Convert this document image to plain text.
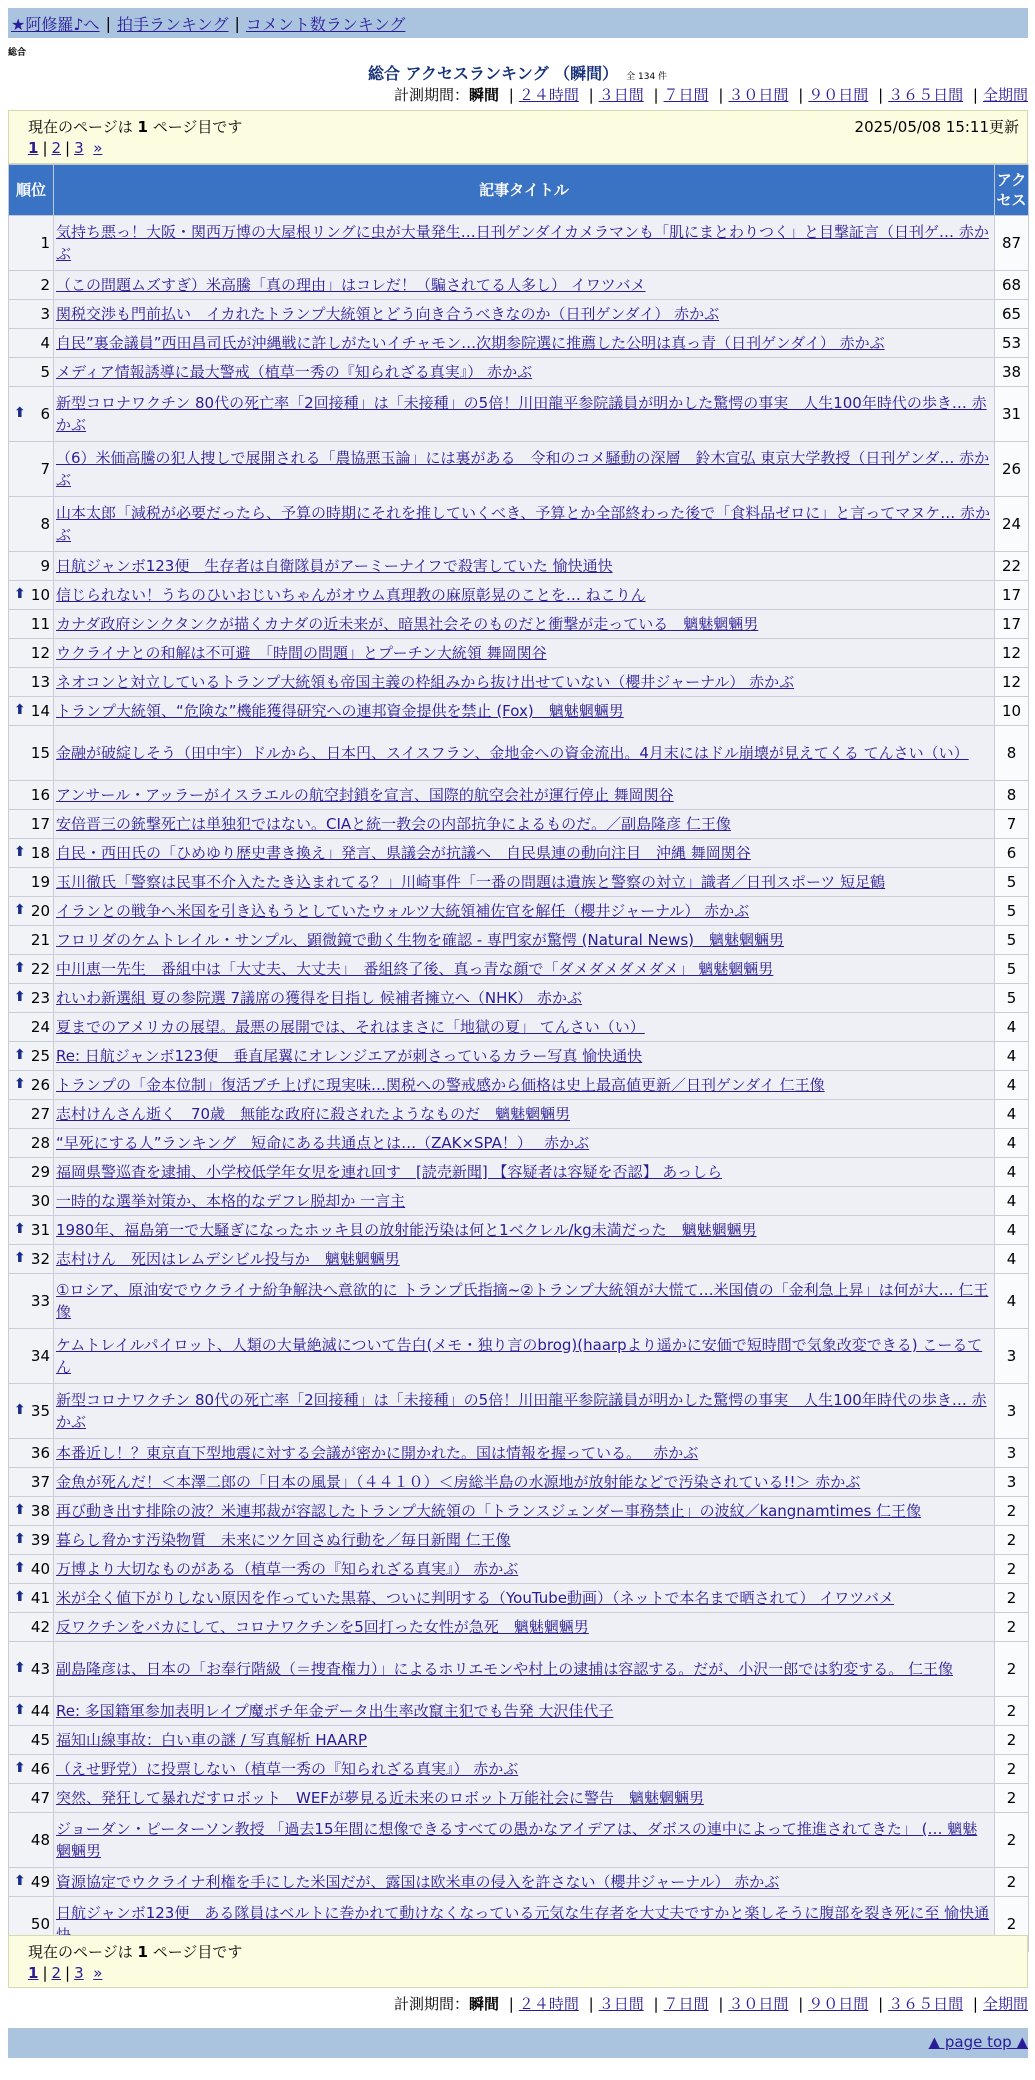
★阿修羅♪へ | 拍手ランキング | コメント数ランキング
総合
総合 アクセスランキング （瞬間） 全 134 件
計測期間：瞬間 | ２４時間 | ３日間 | ７日間 | ３０日間 | ９０日間 | ３６５日間 | 全期間
現在のページは 1 ページ目です	2025/05/08 15:11更新
1 | 2 | 3 »
順位	記事タイトル	アクセス
1	気持ち悪っ！大阪・関西万博の大屋根リングに虫が大量発生…日刊ゲンダイカメラマンも「肌にまとわりつく」と目撃証言（日刊ゲ… 赤かぶ	87
2	（この問題ムズすぎ）米高騰「真の理由」はコレだ！（騙されてる人多し） イワツバメ	68
3	関税交渉も門前払い　イカれたトランプ大統領とどう向き合うべきなのか（日刊ゲンダイ） 赤かぶ	65
4	自民”裏金議員”西田昌司氏が沖縄戦に許しがたいイチャモン…次期参院選に推薦した公明は真っ青（日刊ゲンダイ） 赤かぶ	53
5	メディア情報誘導に最大警戒（植草一秀の『知られざる真実』） 赤かぶ	38

⬆ 6	新型コロナワクチン 80代の死亡率「2回接種」は「未接種」の5倍！川田龍平参院議員が明かした驚愕の事実　人生100年時代の歩き… 赤かぶ	31
7	（6）米価高騰の犯人捜しで展開される「農協悪玉論」には裏がある　令和のコメ騒動の深層　鈴木宣弘 東京大学教授（日刊ゲンダ… 赤かぶ	26
8	山本太郎「減税が必要だったら、予算の時期にそれを推していくべき、予算とか全部終わった後で「食料品ゼロに」と言ってマヌケ… 赤かぶ	24
9	日航ジャンボ123便　生存者は自衛隊員がアーミーナイフで殺害していた 愉快通快	22

⬆ 10	信じられない！うちのひいおじいちゃんがオウム真理教の麻原彰晃のことを… ねこりん	17
11	カナダ政府シンクタンクが描くカナダの近未来が、暗黒社会そのものだと衝撃が走っている　魑魅魍魎男	17
12	ウクライナとの和解は不可避　「時間の問題」とプーチン大統領 舞岡関谷	12
13	ネオコンと対立しているトランプ大統領も帝国主義の枠組みから抜け出せていない（櫻井ジャーナル） 赤かぶ	12

⬆ 14	トランプ大統領、“危険な”機能獲得研究への連邦資金提供を禁止 (Fox)　魑魅魍魎男	10
15	金融が破綻しそう（田中宇）ドルから、日本円、スイスフラン、金地金への資金流出。4月末にはドル崩壊が見えてくる てんさい（い）	8
16	アンサール・アッラーがイスラエルの航空封鎖を宣言、国際的航空会社が運行停止 舞岡関谷	8
17	安倍晋三の銃撃死亡は単独犯ではない。CIAと統一教会の内部抗争によるものだ。／副島隆彦 仁王像	7

⬆ 18	自民・西田氏の「ひめゆり歴史書き換え」発言、県議会が抗議へ　自民県連の動向注目　沖縄 舞岡関谷	6
19	玉川徹氏「警察は民事不介入たたき込まれてる？」川崎事件「一番の問題は遺族と警察の対立」識者／日刊スポーツ 短足鶴	5

⬆ 20	イランとの戦争へ米国を引き込もうとしていたウォルツ大統領補佐官を解任（櫻井ジャーナル） 赤かぶ	5
21	フロリダのケムトレイル・サンプル、顕微鏡で動く生物を確認 - 専門家が驚愕 (Natural News)　魑魅魍魎男	5

⬆ 22	中川恵一先生　番組中は「大丈夫、大丈夫」　番組終了後、真っ青な顔で「ダメダメダメダメ」 魑魅魍魎男	5

⬆ 23	れいわ新選組 夏の参院選 7議席の獲得を目指し 候補者擁立へ（NHK） 赤かぶ	5
24	夏までのアメリカの展望。最悪の展開では、それはまさに「地獄の夏」 てんさい（い）	4

⬆ 25	Re: 日航ジャンボ123便　垂直尾翼にオレンジエアが刺さっているカラー写真 愉快通快	4

⬆ 26	トランプの「金本位制」復活ブチ上げに現実味…関税への警戒感から価格は史上最高値更新／日刊ゲンダイ 仁王像	4
27	志村けんさん逝く　70歳　無能な政府に殺されたようなものだ　魑魅魍魎男	4
28	“早死にする人”ランキング　短命にある共通点とは…（ZAK×SPA！）　 赤かぶ	4
29	福岡県警巡査を逮捕、小学校低学年女児を連れ回す　[読売新聞] 【容疑者は容疑を否認】 あっしら	4
30	一時的な選挙対策か、本格的なデフレ脱却か 一言主	4

⬆ 31	1980年、福島第一で大騒ぎになったホッキ貝の放射能汚染は何と1ベクレル/kg未満だった　魑魅魍魎男	4

⬆ 32	志村けん　死因はレムデシビル投与か　魑魅魍魎男	4
33	①ロシア、原油安でウクライナ紛争解決へ意欲的に トランプ氏指摘~②トランプ大統領が大慌て…米国債の「金利急上昇」は何が大… 仁王像	4
34	ケムトレイルパイロット、人類の大量絶滅について告白(メモ・独り言のbrog)(haarpより遥かに安価で短時間で気象改変できる) こーるてん	3

⬆ 35	新型コロナワクチン 80代の死亡率「2回接種」は「未接種」の5倍！川田龍平参院議員が明かした驚愕の事実　人生100年時代の歩き… 赤かぶ	3
36	本番近し！？東京直下型地震に対する会議が密かに開かれた。国は情報を握っている。　 赤かぶ	3
37	金魚が死んだ！＜本澤二郎の「日本の風景」（４４１０）＜房総半島の水源地が放射能などで汚染されている!!＞ 赤かぶ	3

⬆ 38	再び動き出す排除の波？米連邦裁が容認したトランプ大統領の「トランスジェンダー事務禁止」の波紋／kangnamtimes 仁王像	2

⬆ 39	暮らし脅かす汚染物質　未来にツケ回さぬ行動を／毎日新聞 仁王像	2

⬆ 40	万博より大切なものがある（植草一秀の『知られざる真実』） 赤かぶ	2

⬆ 41	米が全く値下がりしない原因を作っていた黒幕、ついに判明する（YouTube動画）（ネットで本名まで晒されて） イワツバメ	2
42	反ワクチンをバカにして、コロナワクチンを5回打った女性が急死　魑魅魍魎男	2

⬆ 43	副島隆彦は、日本の「お奉行階級（＝捜査権力）」によるホリエモンや村上の逮捕は容認する。だが、小沢一郎では豹変する。 仁王像	2

⬆ 44	Re: 多国籍軍参加表明レイプ魔ポチ年金データ出生率改竄主犯でも告発 大沢佳代子	2
45	福知山線事故：白い車の謎 / 写真解析 HAARP	2

⬆ 46	（えせ野党）に投票しない（植草一秀の『知られざる真実』） 赤かぶ	2
47	突然、発狂して暴れだすロボット　WEFが夢見る近未来のロボット万能社会に警告　魑魅魍魎男	2
48	ジョーダン・ピーターソン教授 「過去15年間に想像できるすべての愚かなアイデアは、ダボスの連中によって推進されてきた」 (… 魑魅魍魎男	2

⬆ 49	資源協定でウクライナ利権を手にした米国だが、露国は欧米車の侵入を許さない（櫻井ジャーナル） 赤かぶ	2
50	日航ジャンボ123便　ある隊員はベルトに巻かれて動けなくなっている元気な生存者を大丈夫ですかと楽しそうに腹部を裂き死に至 愉快通	2
現在のページは 1 ページ目です
1 | 2 | 3 »
計測期間：瞬間 | ２４時間 | ３日間 | ７日間 | ３０日間 | ９０日間 | ３６５日間 | 全期間
▲ page top ▲
